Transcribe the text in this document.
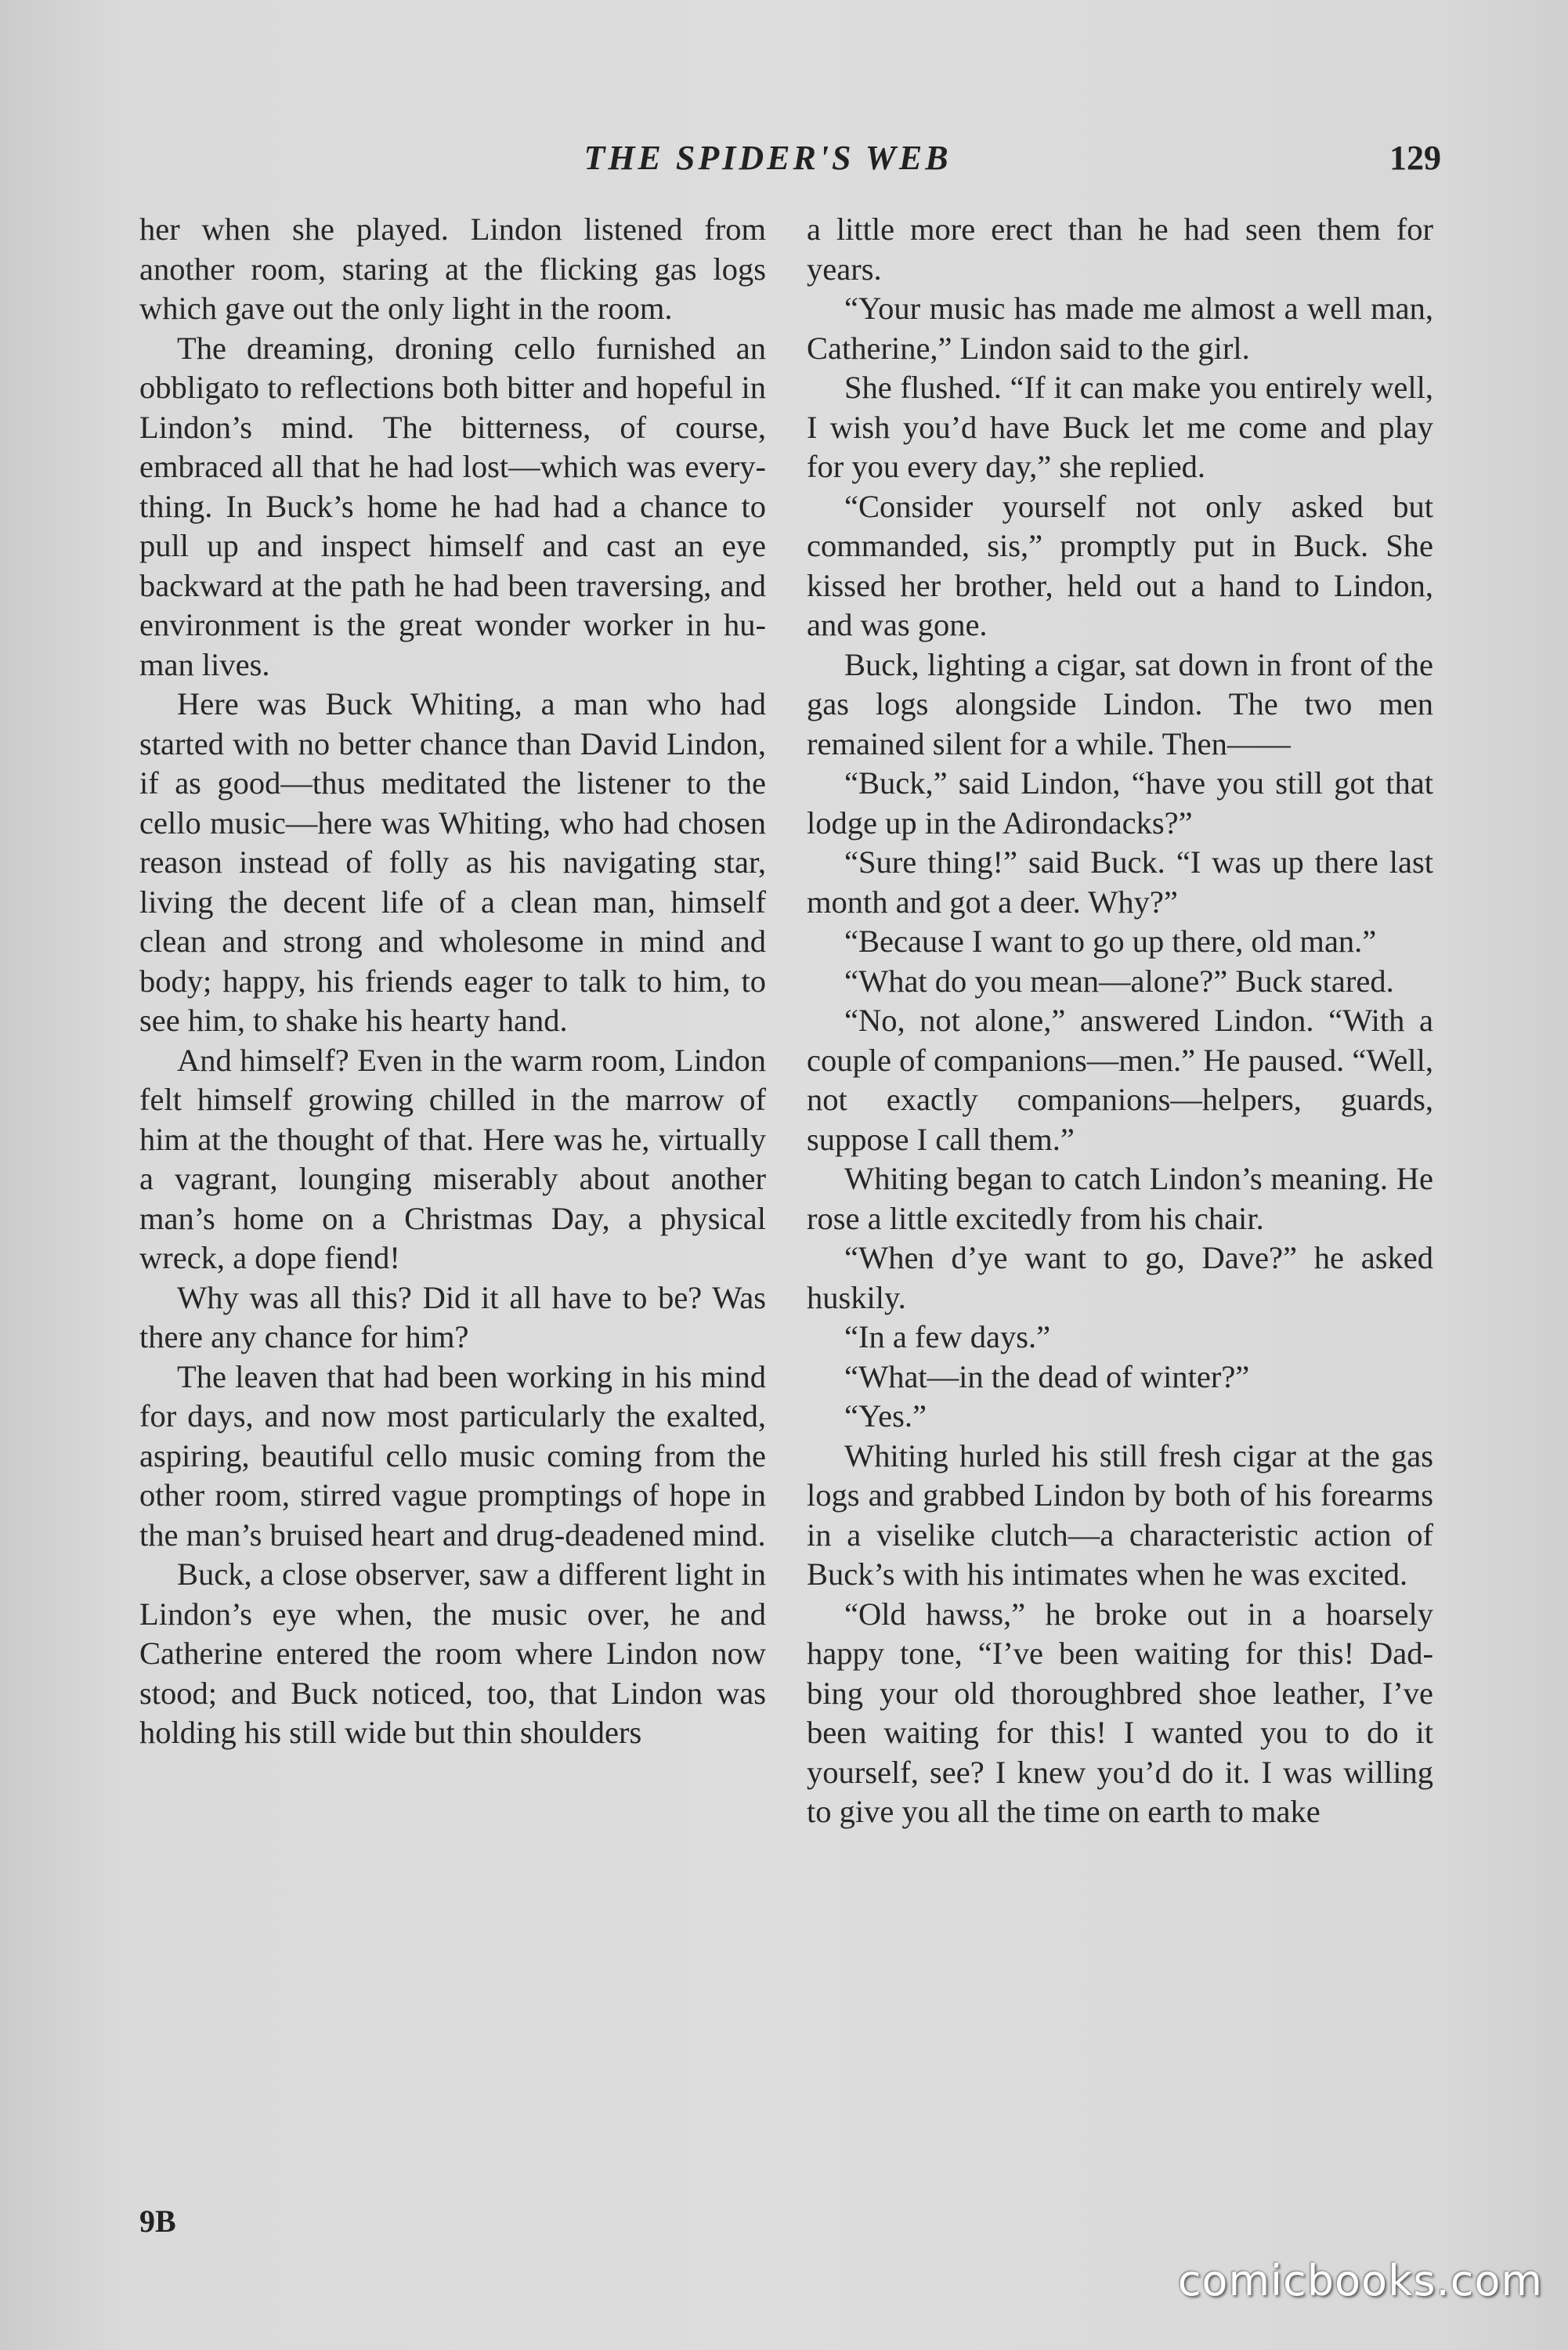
THE SPIDER'S WEB	129

her when she played. Lindon listened from another room, staring at the flicking gas logs which gave out the only light in the room.

The dreaming, droning cello furnished an obbligato to reflections both bitter and hopeful in Lindon’s mind. The bitterness, of course, embraced all that he had lost—which was everything. In Buck’s home he had had a chance to pull up and inspect himself and cast an eye backward at the path he had been traversing, and environment is the great wonder worker in human lives.

Here was Buck Whiting, a man who had started with no better chance than David Lindon, if as good—thus meditated the listener to the cello music—here was Whiting, who had chosen reason instead of folly as his navigating star, living the decent life of a clean man, himself clean and strong and wholesome in mind and body; happy, his friends eager to talk to him, to see him, to shake his hearty hand.

And himself? Even in the warm room, Lindon felt himself growing chilled in the marrow of him at the thought of that. Here was he, virtually a vagrant, lounging miserably about another man’s home on a Christmas Day, a physical wreck, a dope fiend!

Why was all this? Did it all have to be? Was there any chance for him?

The leaven that had been working in his mind for days, and now most particularly the exalted, aspiring, beautiful cello music coming from the other room, stirred vague promptings of hope in the man’s bruised heart and drug-deadened mind.

Buck, a close observer, saw a different light in Lindon’s eye when, the music over, he and Catherine entered the room where Lindon now stood; and Buck noticed, too, that Lindon was holding his still wide but thin shoulders

a little more erect than he had seen them for years.

“Your music has made me almost a well man, Catherine,” Lindon said to the girl.

She flushed. “If it can make you entirely well, I wish you’d have Buck let me come and play for you every day,” she replied.

“Consider yourself not only asked but commanded, sis,” promptly put in Buck. She kissed her brother, held out a hand to Lindon, and was gone.

Buck, lighting a cigar, sat down in front of the gas logs alongside Lindon. The two men remained silent for a while. Then——

“Buck,” said Lindon, “have you still got that lodge up in the Adirondacks?”

“Sure thing!” said Buck. “I was up there last month and got a deer. Why?”

“Because I want to go up there, old man.”

“What do you mean—alone?” Buck stared.

“No, not alone,” answered Lindon. “With a couple of companions—men.” He paused. “Well, not exactly companions—helpers, guards, suppose I call them.”

Whiting began to catch Lindon’s meaning. He rose a little excitedly from his chair.

“When d’ye want to go, Dave?” he asked huskily.

“In a few days.”

“What—in the dead of winter?”

“Yes.”

Whiting hurled his still fresh cigar at the gas logs and grabbed Lindon by both of his forearms in a viselike clutch—a characteristic action of Buck’s with his intimates when he was excited.

“Old hawss,” he broke out in a hoarsely happy tone, “I’ve been waiting for this! Dad-bing your old thoroughbred shoe leather, I’ve been waiting for this! I wanted you to do it yourself, see? I knew you’d do it. I was willing to give you all the time on earth to make

9B
comicbooks.com
